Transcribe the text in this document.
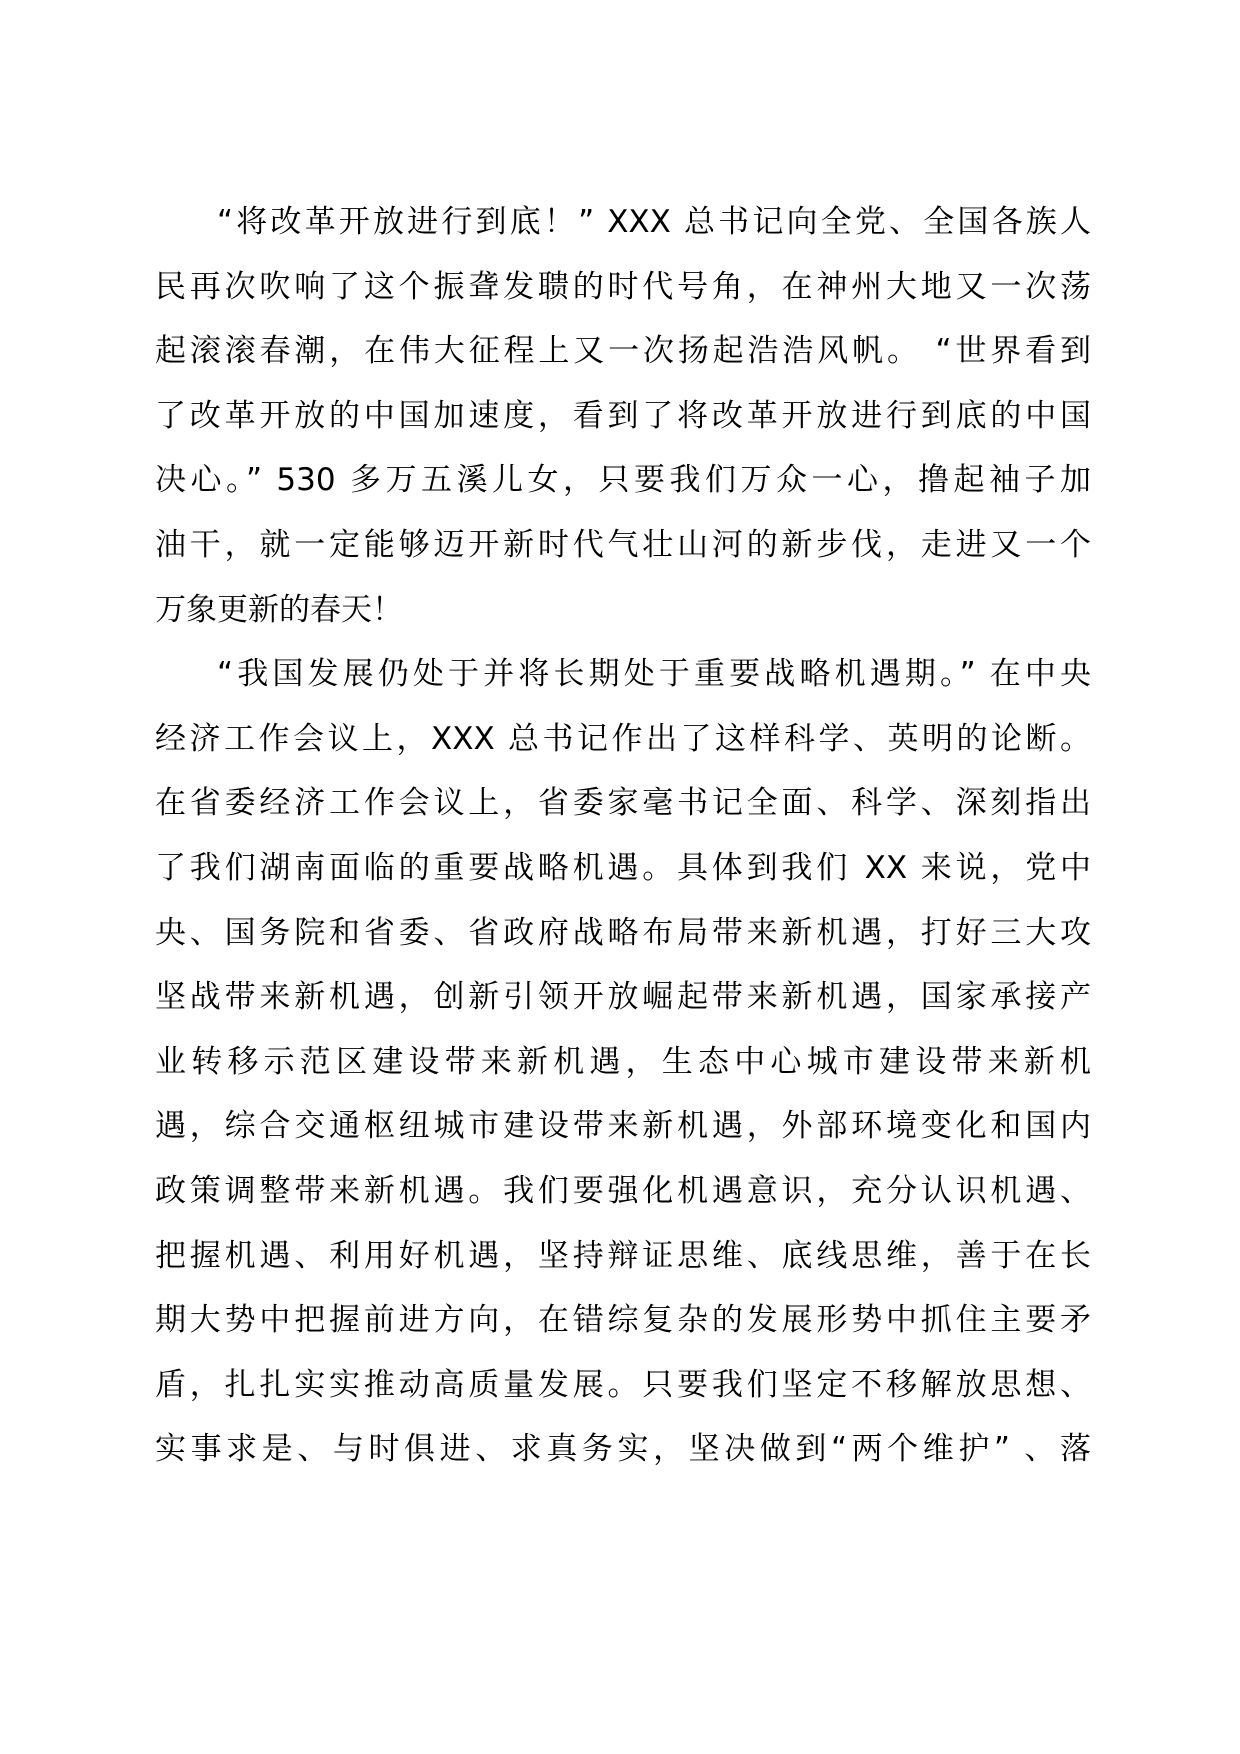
“将改革开放进行到底！” XXX 总书记向全党、全国各族人
民再次吹响了这个振聋发聩的时代号角，在神州大地又一次荡
起滚滚春潮，在伟大征程上又一次扬起浩浩风帆。 “世界看到
了改革开放的中国加速度，看到了将改革开放进行到底的中国
决心。” 530 多万五溪儿女，只要我们万众一心，撸起袖子加
油干，就一定能够迈开新时代气壮山河的新步伐，走进又一个
万象更新的春天！
“我国发展仍处于并将长期处于重要战略机遇期。” 在中央
经济工作会议上，XXX 总书记作出了这样科学、英明的论断。
在省委经济工作会议上，省委家毫书记全面、科学、深刻指出
了我们湖南面临的重要战略机遇。具体到我们 XX 来说，党中
央、国务院和省委、省政府战略布局带来新机遇，打好三大攻
坚战带来新机遇，创新引领开放崛起带来新机遇，国家承接产
业转移示范区建设带来新机遇，生态中心城市建设带来新机
遇，综合交通枢纽城市建设带来新机遇，外部环境变化和国内
政策调整带来新机遇。我们要强化机遇意识，充分认识机遇、
把握机遇、利用好机遇，坚持辩证思维、底线思维，善于在长
期大势中把握前进方向，在错综复杂的发展形势中抓住主要矛
盾，扎扎实实推动高质量发展。只要我们坚定不移解放思想、
实事求是、与时俱进、求真务实，坚决做到“两个维护” 、落
